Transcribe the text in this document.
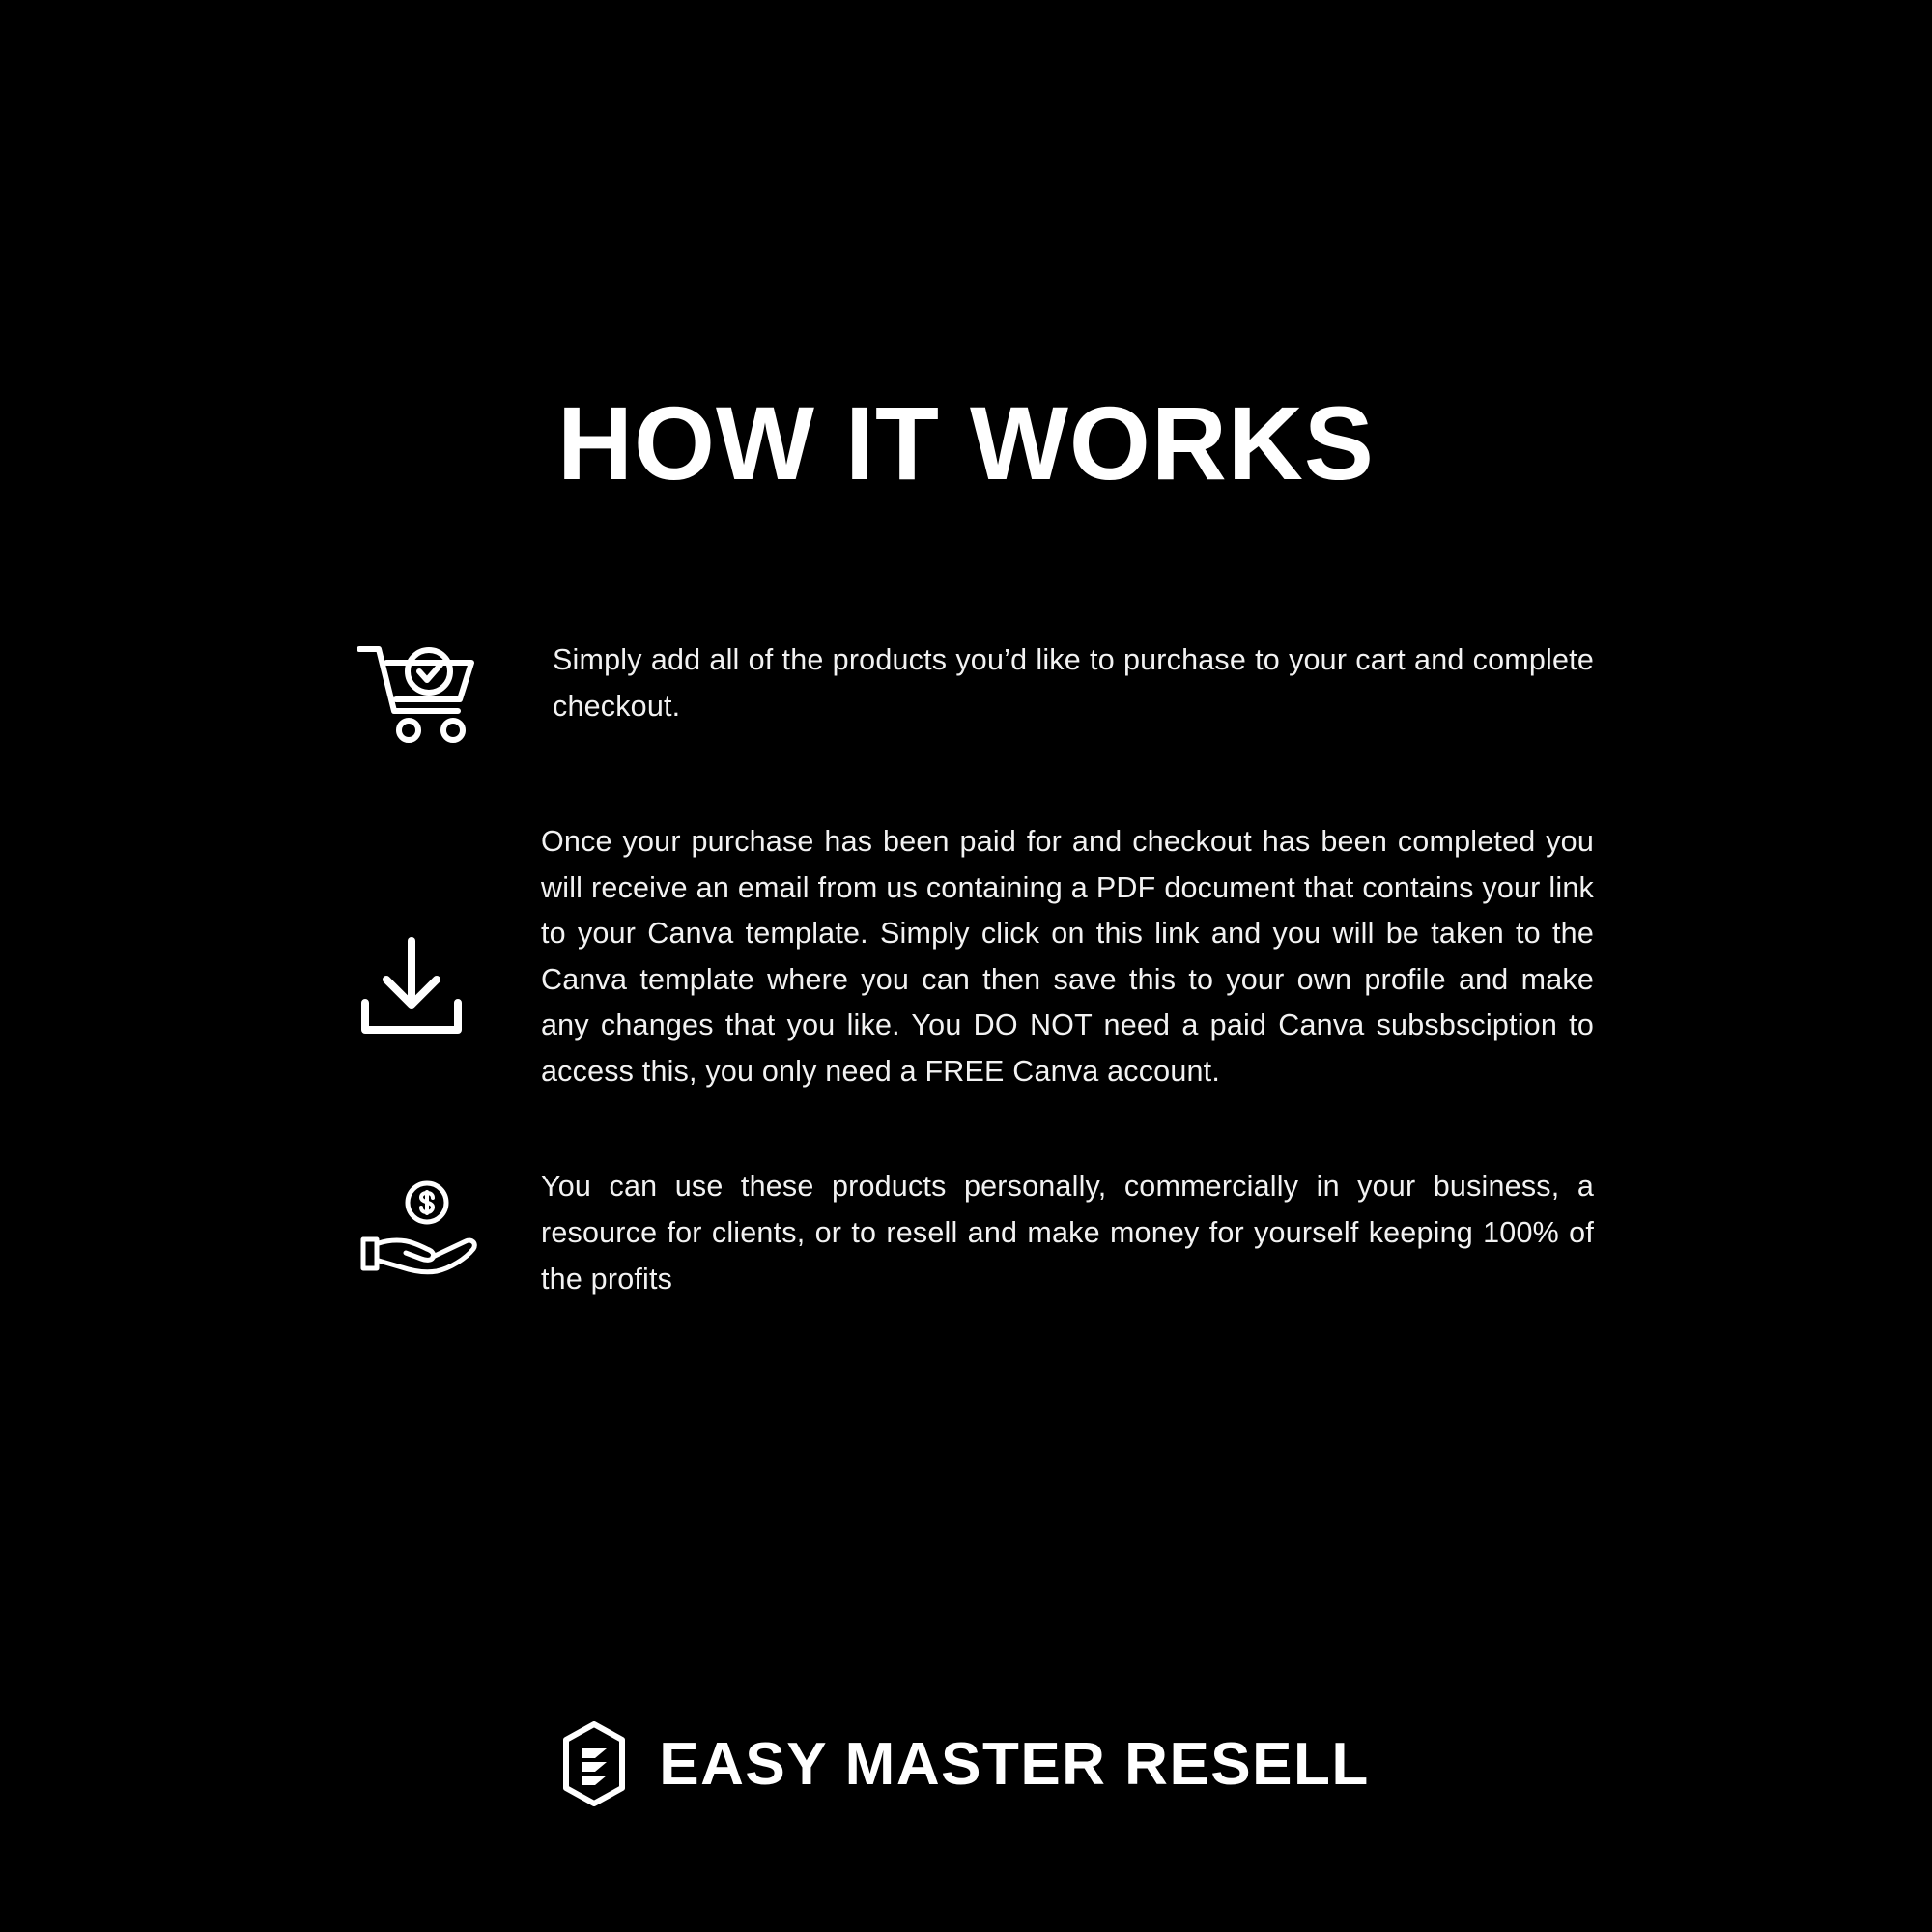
HOW IT WORKS
Simply add all of the products you’d like to purchase to your cart and complete checkout.
Once your purchase has been paid for and checkout has been completed you will receive an email from us containing a PDF document that contains your link to your Canva template. Simply click on this link and you will be taken to the Canva template where you can then save this to your own profile and make any changes that you like. You DO NOT need a paid Canva subsbsciption to access this, you only need a FREE Canva account.
You can use these products personally, commercially in your business, a resource for clients, or to resell and make money for yourself keeping 100% of the profits
EASY MASTER RESELL
